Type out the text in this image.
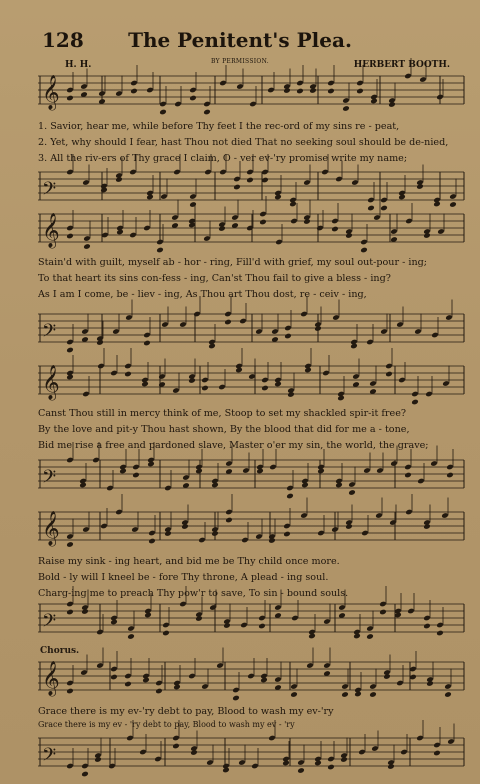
𝄞
𝄢
𝄞
𝄢
𝄞
𝄢
𝄞
𝄢
𝄞
𝄢
128	The Penitent's Plea.
BY PERMISSION.
H. H.	HERBERT BOOTH.
1. Savior, hear me, while before Thy feet I the rec-ord of my sins re - peat,
2. Yet, why should I fear, hast Thou not died That no seeking soul should be de-nied,
3. All the riv-ers of Thy grace I claim, O - ver ev-'ry promise write my name;
Stain'd with guilt, myself ab - hor - ring, Fill'd with grief, my soul out-pour - ing;
To that heart its sins con-fess - ing, Can'st Thou fail to give a bless - ing?
As I am I come, be - liev - ing, As Thou art Thou dost, re - ceiv - ing,
Canst Thou still in mercy think of me, Stoop to set my shackled spir-it free?
By the love and pit-y Thou hast shown, By the blood that did for me a - tone,
Bid me rise a free and pardoned slave, Master o'er my sin, the world, the grave;
Raise my sink - ing heart, and bid me be Thy child once more.
Bold - ly will I kneel be - fore Thy throne, A plead - ing soul.
Charg-ing me to preach Thy pow'r to save, To sin - bound souls.
Chorus.
Grace there is my ev-'ry debt to pay, Blood to wash my ev-'ry
Grace there is my ev - 'ry debt to pay, Blood to wash my ev - 'ry
